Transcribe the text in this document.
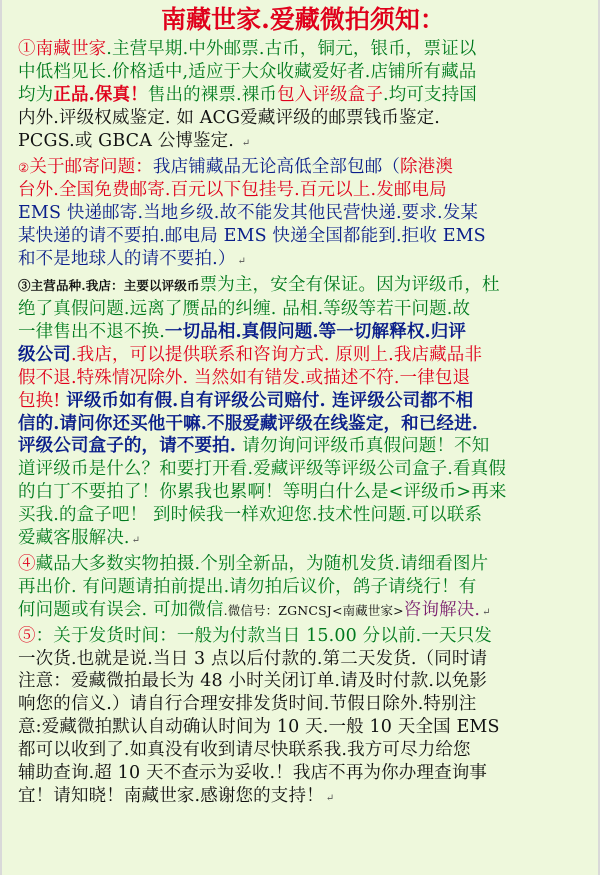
南藏世家.爱藏微拍须知：
①南藏世家.主营早期.中外邮票.古币，铜元，银币，票证以
中低档见长.价格适中,适应于大众收藏爱好者.店铺所有藏品
均为正品.保真！售出的裸票.裸币包入评级盒子.均可支持国
内外.评级权威鉴定. 如 ACG爱藏评级的邮票钱币鉴定.
PCGS.或 GBCA 公博鉴定. ↵
②关于邮寄问题：我店铺藏品无论高低全部包邮（除港澳
台外.全国免费邮寄.百元以下包挂号.百元以上.发邮电局
EMS 快递邮寄.当地乡级.故不能发其他民营快递.要求.发某
某快递的请不要拍.邮电局 EMS 快递全国都能到.拒收 EMS
和不是地球人的请不要拍.） ↵
③主营品种.我店：主要以评级币票为主，安全有保证。因为评级币，杜
绝了真假问题.远离了赝品的纠缠. 品相.等级等若干问题.故
一律售出不退不换.一切品相.真假问题.等一切解释权.归评
级公司.我店，可以提供联系和咨询方式. 原则上.我店藏品非
假不退.特殊情况除外. 当然如有错发.或描述不符.一律包退
包换! 评级币如有假.自有评级公司赔付. 连评级公司都不相
信的.请问你还买他干嘛.不服爱藏评级在线鉴定，和已经进.
评级公司盒子的，请不要拍. 请勿询问评级币真假问题！不知
道评级币是什么？和要打开看.爱藏评级等评级公司盒子.看真假
的白丁不要拍了！你累我也累啊！等明白什么是<评级币>再来
买我.的盒子吧！ 到时候我一样欢迎您.技术性问题.可以联系
爱藏客服解决. ↵
④藏品大多数实物拍摄.个别全新品，为随机发货.请细看图片
再出价. 有问题请拍前提出.请勿拍后议价，鸽子请绕行！有
何问题或有误会. 可加微信.微信号：ZGNCSJ<南藏世家>咨询解决. ↵
⑤：关于发货时间：一般为付款当日 15.00 分以前.一天只发
一次货.也就是说.当日 3 点以后付款的.第二天发货.（同时请
注意：爱藏微拍最长为 48 小时关闭订单.请及时付款.以免影
响您的信义.）请自行合理安排发货时间.节假日除外.特别注
意:爱藏微拍默认自动确认时间为 10 天.一般 10 天全国 EMS
都可以收到了.如真没有收到请尽快联系我.我方可尽力给您
辅助查询.超 10 天不查示为妥收.！我店不再为你办理查询事
宜！请知晓！南藏世家.感谢您的支持！ ↵
